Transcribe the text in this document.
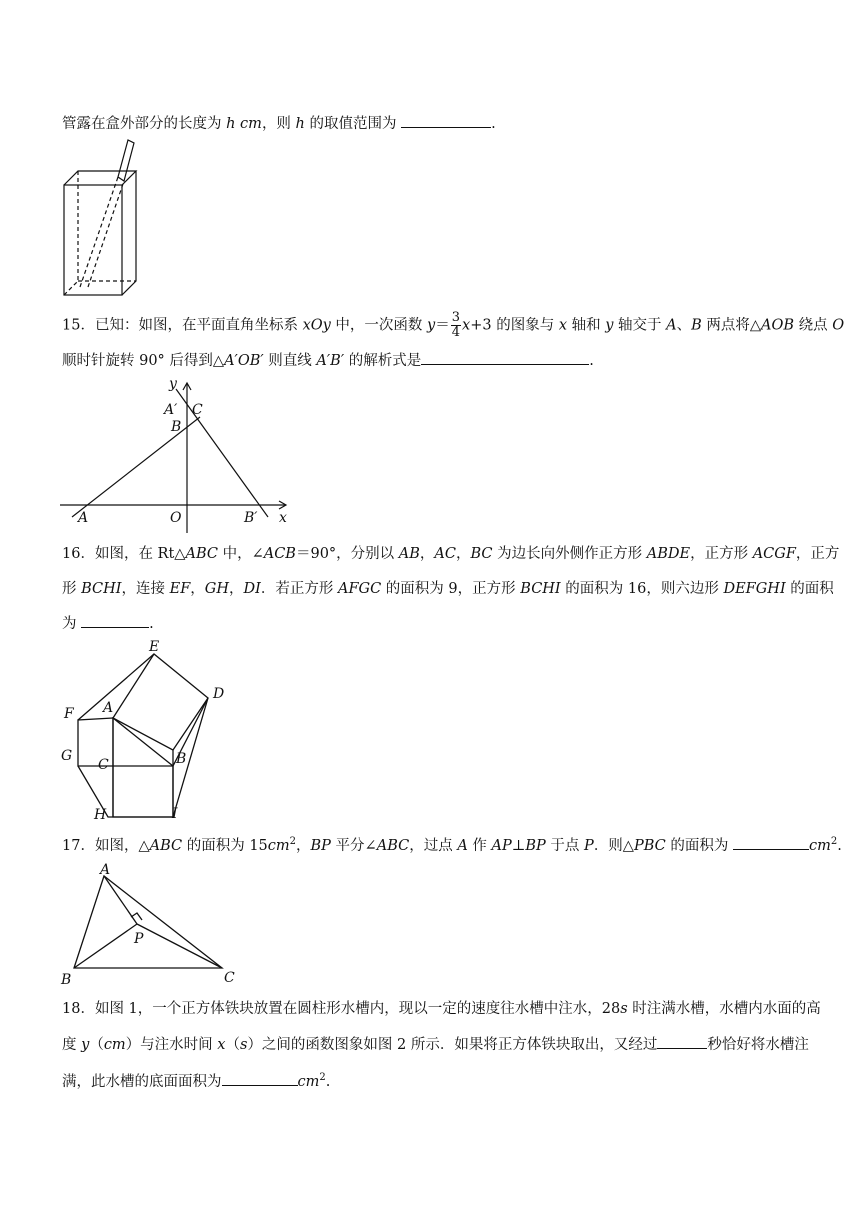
管露在盒外部分的长度为 h cm，则 h 的取值范围为	.
15．已知：如图，在平面直角坐标系 xOy 中，一次函数 $y= \frac{3}{4} x+3$ 的图象与 x 轴和 y 轴交于 A、B 两点将△AOB 绕点 O
顺时针旋转 90° 后得到△A′OB′ 则直线 A′B′ 的解析式是	.
y
A′ C
B
A	O	B′ x
16．如图，在 Rt△ABC 中，∠ACB＝90°，分别以 AB，AC，BC 为边长向外侧作正方形 ABDE，正方形 ACGF，正方
形 BCHI，连接 EF，GH，DI．若正方形 AFGC 的面积为 9，正方形 BCHI 的面积为 16，则六边形 DEFGHI 的面积
为	.
E
D
F A
G
C	B
H	I
17．如图，△ABC 的面积为 $15cm^2$，BP 平分∠ABC，过点 A 作 AP⊥BP 于点 P．则△PBC 的面积为	$cm^2$.
A
P
B	C
18．如图 1，一个正方体铁块放置在圆柱形水槽内，现以一定的速度往水槽中注水，28s 时注满水槽，水槽内水面的高
度 y（cm）与注水时间 x（s）之间的函数图象如图 2 所示．如果将正方体铁块取出，又经过	秒恰好将水槽注
满，此水槽的底面面积为	$cm^2$.
